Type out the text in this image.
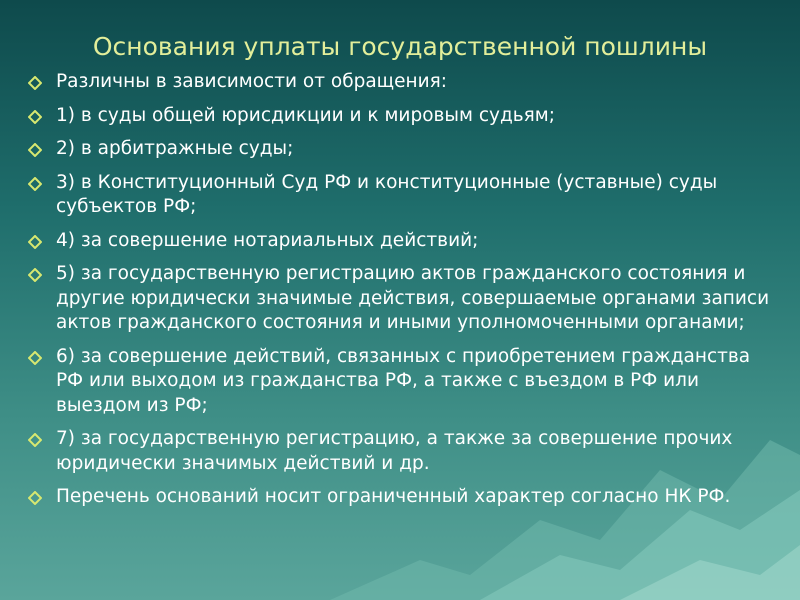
Основания уплаты государственной пошлины
Различны в зависимости от обращения:
1) в суды общей юрисдикции и к мировым судьям;
2) в арбитражные суды;
3) в Конституционный Суд РФ и конституционные (уставные) суды субъектов РФ;
4) за совершение нотариальных действий;
5) за государственную регистрацию актов гражданского состояния и другие юридически значимые действия, совершаемые органами записи актов гражданского состояния и иными уполномоченными органами;
6) за совершение действий, связанных с приобретением гражданства РФ или выходом из гражданства РФ, а также с въездом в РФ или выездом из РФ;
7) за государственную регистрацию, а также за совершение прочих юридически значимых действий и др.
Перечень оснований носит ограниченный характер согласно НК РФ.
